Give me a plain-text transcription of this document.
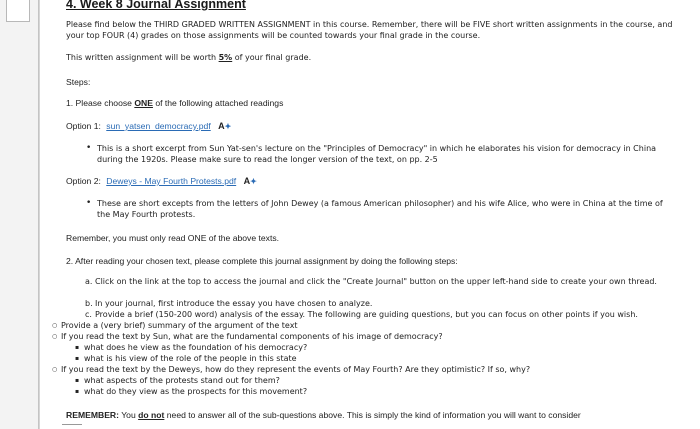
4. Week 8 Journal Assignment
Please find below the THIRD GRADED WRITTEN ASSIGNMENT in this course. Remember, there will be FIVE short written assignments in the course, and your top FOUR (4) grades on those assignments will be counted towards your final grade in the course.
This written assignment will be worth 5% of your final grade.
Steps:
1. Please choose ONE of the following attached readings
Option 1: sun_yatsen_democracy.pdf A✦
• This is a short excerpt from Sun Yat-sen's lecture on the "Principles of Democracy" in which he elaborates his vision for democracy in China during the 1920s. Please make sure to read the longer version of the text, on pp. 2-5
Option 2: Deweys - May Fourth Protests.pdf A✦
• These are short excepts from the letters of John Dewey (a famous American philosopher) and his wife Alice, who were in China at the time of the May Fourth protests.
Remember, you must only read ONE of the above texts.
2. After reading your chosen text, please complete this journal assignment by doing the following steps:
a. Click on the link at the top to access the journal and click the "Create Journal" button on the upper left-hand side to create your own thread.
b. In your journal, first introduce the essay you have chosen to analyze.
c. Provide a brief (150-200 word) analysis of the essay. The following are guiding questions, but you can focus on other points if you wish.
○ Provide a (very brief) summary of the argument of the text
○ If you read the text by Sun, what are the fundamental components of his image of democracy?
▪ what does he view as the foundation of his democracy?
▪ what is his view of the role of the people in this state
○ If you read the text by the Deweys, how do they represent the events of May Fourth? Are they optimistic? If so, why?
▪ what aspects of the protests stand out for them?
▪ what do they view as the prospects for this movement?
REMEMBER: You do not need to answer all of the sub-questions above. This is simply the kind of information you will want to consider
